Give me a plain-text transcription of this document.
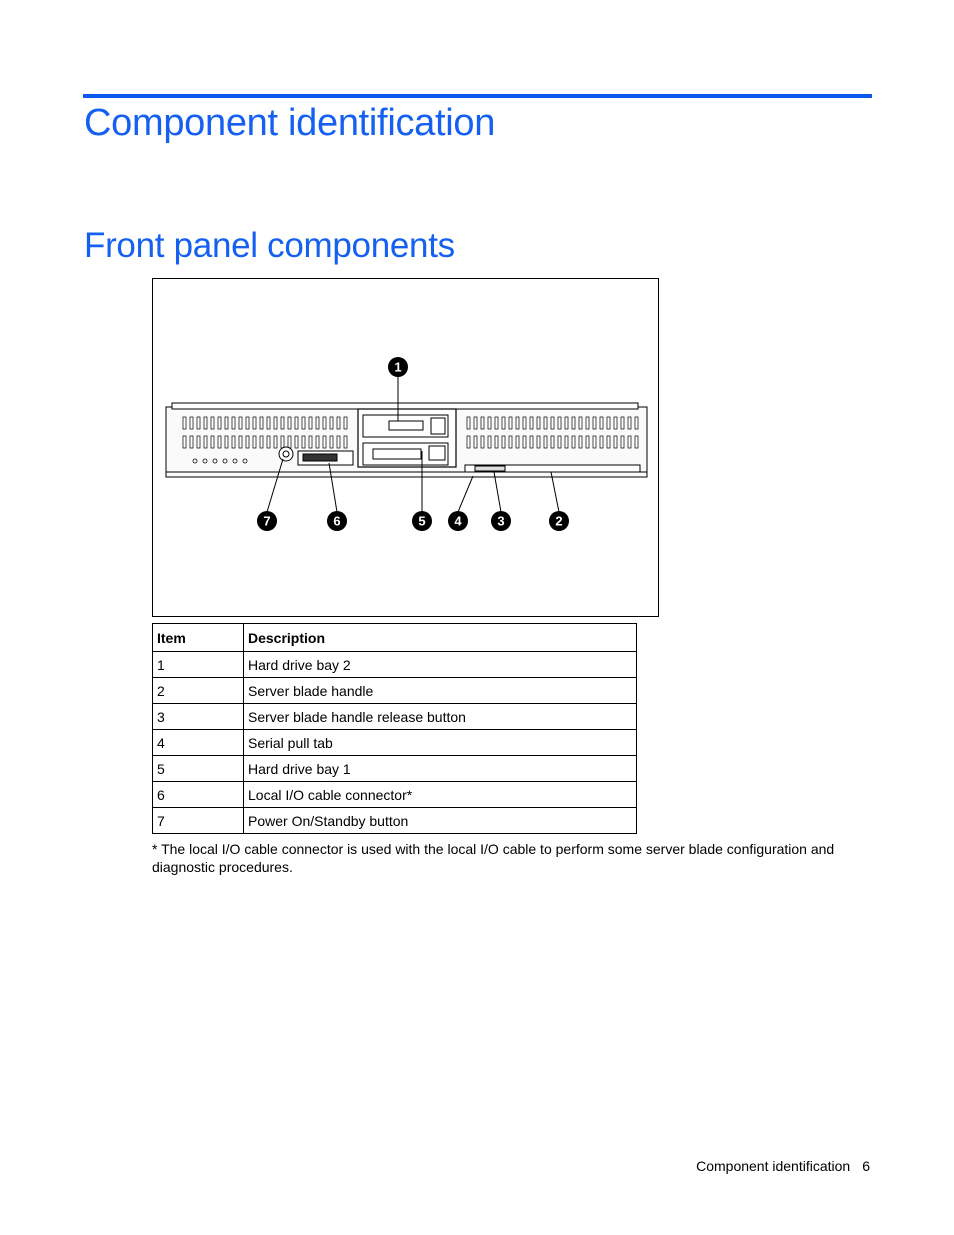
Component identification
Front panel components
1
7	6	5 4	3	2
Item	Description
1	Hard drive bay 2
2	Server blade handle
3	Server blade handle release button
4	Serial pull tab
5	Hard drive bay 1
6	Local I/O cable connector*
7	Power On/Standby button

* The local I/O cable connector is used with the local I/O cable to perform some server blade configuration and diagnostic procedures.

Component identification 6
